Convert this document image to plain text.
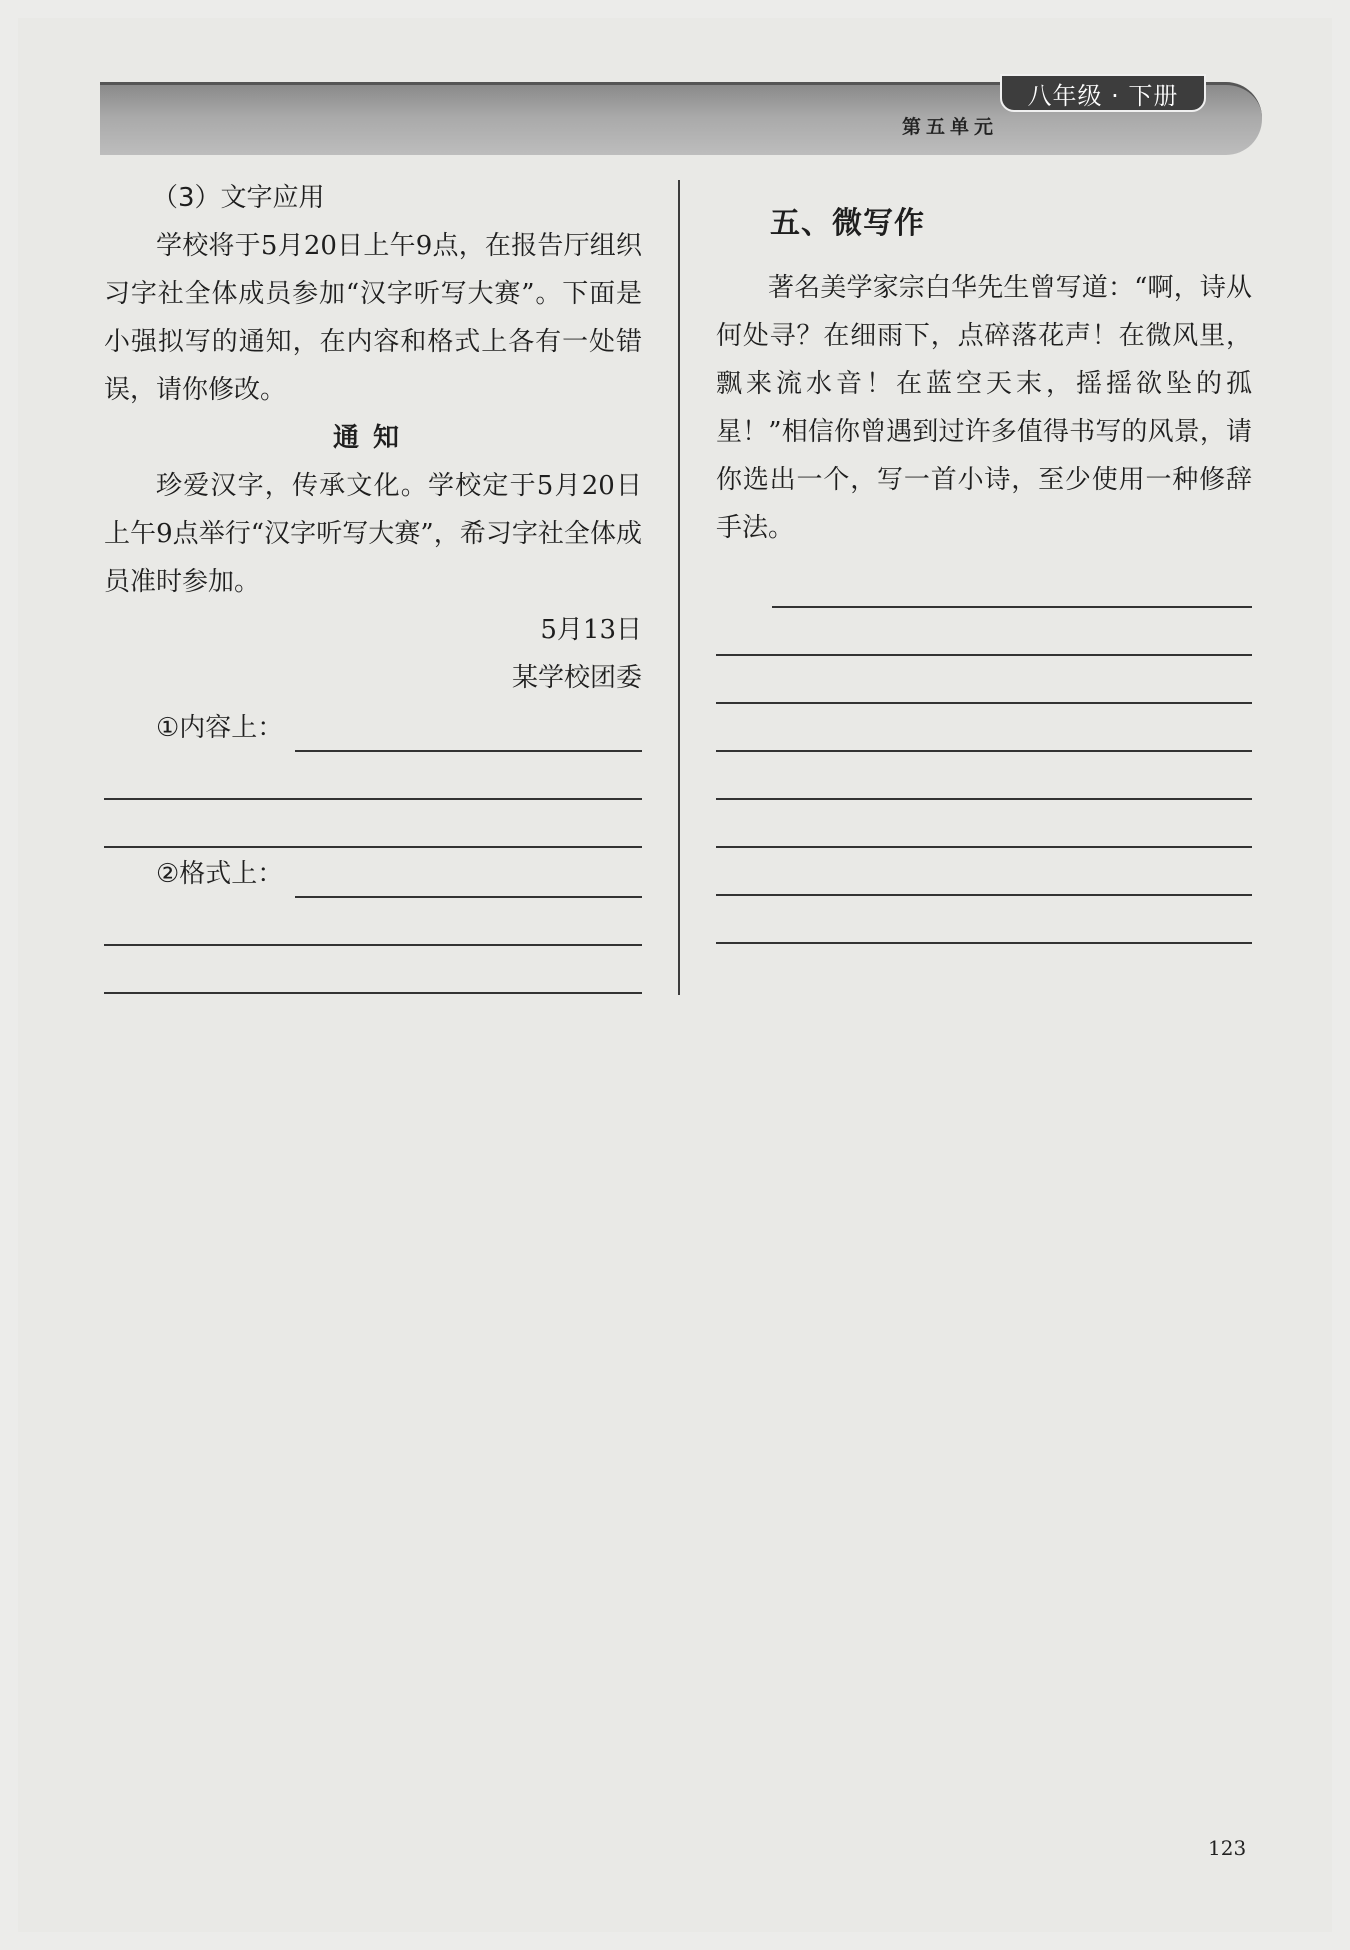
八年级 · 下册
第五单元

（3）文字应用

学校将于5月20日上午9点，在报告厅组织习字社全体成员参加“汉字听写大赛”。下面是小强拟写的通知，在内容和格式上各有一处错误，请你修改。

通知

珍爱汉字，传承文化。学校定于5月20日上午9点举行“汉字听写大赛”，希习字社全体成员准时参加。

5月13日

某学校团委

①内容上：
②格式上：

五、微写作

著名美学家宗白华先生曾写道：“啊，诗从何处寻？在细雨下，点碎落花声！在微风里，飘来流水音！在蓝空天末，摇摇欲坠的孤星！”相信你曾遇到过许多值得书写的风景，请你选出一个，写一首小诗，至少使用一种修辞手法。

123
